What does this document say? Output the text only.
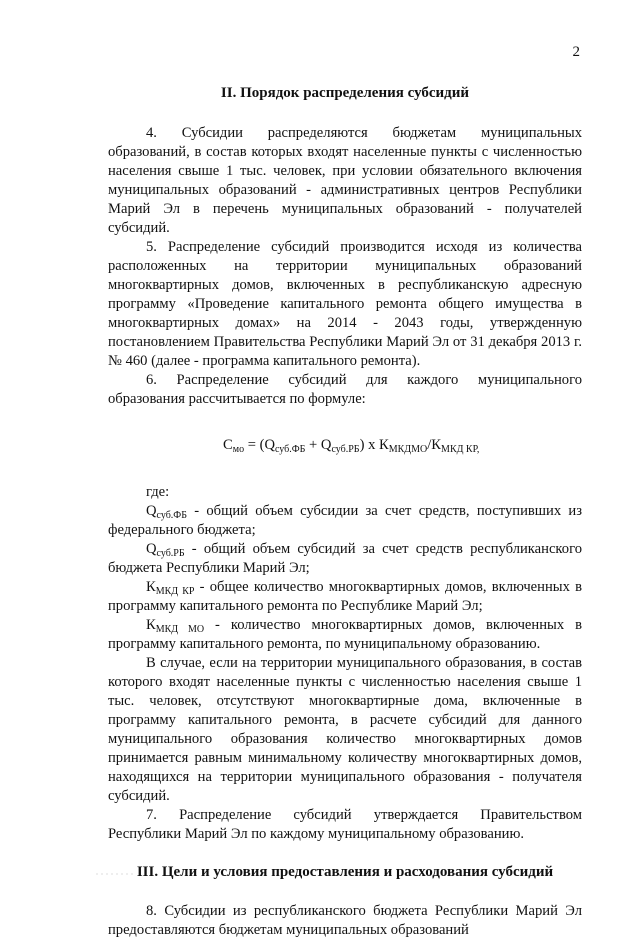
2
II. Порядок распределения субсидий

4. Субсидии распределяются бюджетам муниципальных образований, в состав которых входят населенные пункты с численностью населения свыше 1 тыс. человек, при условии обязательного включения муниципальных образований - административных центров Республики Марий Эл в перечень муниципальных образований - получателей субсидий.

5. Распределение субсидий производится исходя из количества расположенных на территории муниципальных образований многоквартирных домов, включенных в республиканскую адресную программу «Проведение капитального ремонта общего имущества в многоквартирных домах» на 2014 - 2043 годы, утвержденную постановлением Правительства Республики Марий Эл от 31 декабря 2013 г. № 460 (далее - программа капитального ремонта).

6. Распределение субсидий для каждого муниципального образования рассчитывается по формуле:

$С_{мо} = (Q_{суб.ФБ} + Q_{суб.РБ})$ x $К_{МКДМО}/К_{МКД КР,}$

где:

$Q_{суб.ФБ}$ - общий объем субсидии за счет средств, поступивших из федерального бюджета;

$Q_{суб.РБ}$ - общий объем субсидий за счет средств республиканского бюджета Республики Марий Эл;

$К_{МКД КР}$ - общее количество многоквартирных домов, включенных в программу капитального ремонта по Республике Марий Эл;

$К_{МКД МО}$ - количество многоквартирных домов, включенных в программу капитального ремонта, по муниципальному образованию.

В случае, если на территории муниципального образования, в состав которого входят населенные пункты с численностью населения свыше 1 тыс. человек, отсутствуют многоквартирные дома, включенные в программу капитального ремонта, в расчете субсидий для данного муниципального образования количество многоквартирных домов принимается равным минимальному количеству многоквартирных домов, находящихся на территории муниципального образования - получателя субсидий.

7. Распределение субсидий утверждается Правительством Республики Марий Эл по каждому муниципальному образованию.

III. Цели и условия предоставления и расходования субсидий

8. Субсидии из республиканского бюджета Республики Марий Эл предоставляются бюджетам муниципальных образований
